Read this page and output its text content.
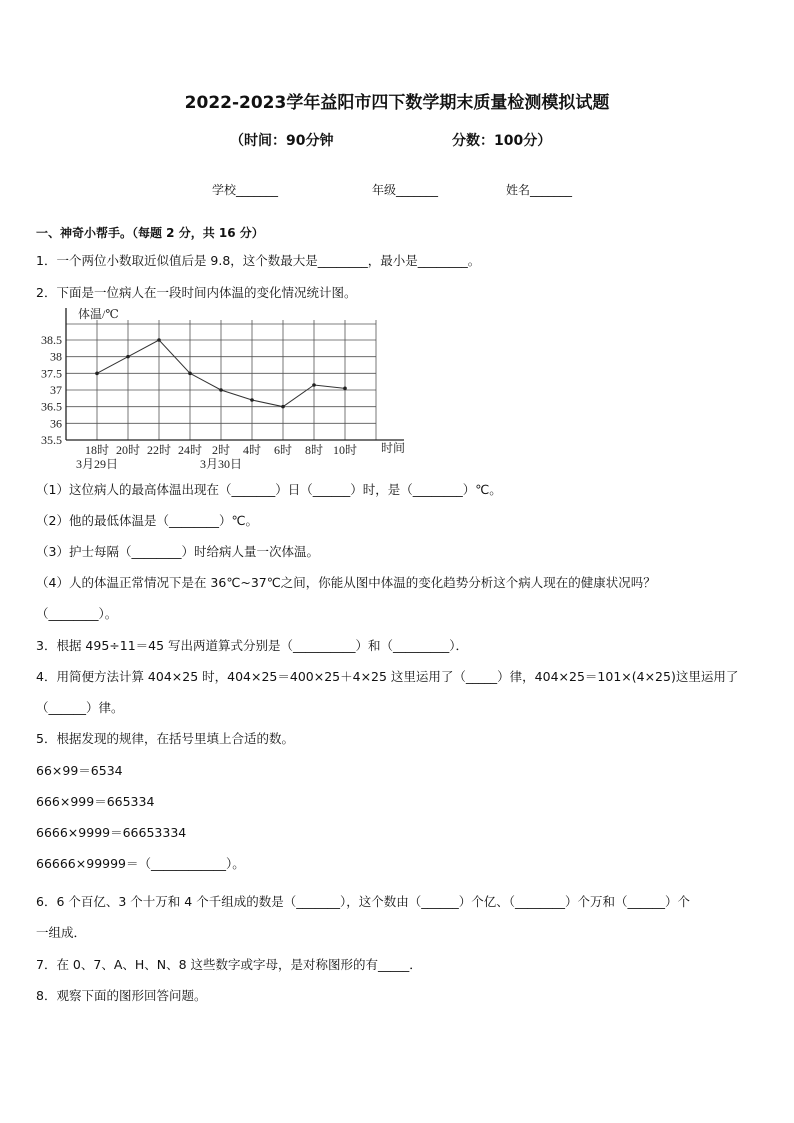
2022-2023学年益阳市四下数学期末质量检测模拟试题
（时间：90分钟	分数：100分）
学校_______	年级_______	姓名_______
一、神奇小帮手。（每题 2 分，共 16 分）
1．一个两位小数取近似值后是 9.8，这个数最大是________，最小是________。
2．下面是一位病人在一段时间内体温的变化情况统计图。
体温/℃
时间
38.5
38
37.5
37
36.5
36
35.5
18时 20时 22时 24时 2时 4时 6时 8时 10时
3月29日	3月30日
（1）这位病人的最高体温出现在（_______）日（______）时，是（________）℃。
（2）他的最低体温是（________）℃。
（3）护士每隔（________）时给病人量一次体温。
（4）人的体温正常情况下是在 36℃~37℃之间，你能从图中体温的变化趋势分析这个病人现在的健康状况吗？
（________）。
3．根据 495÷11＝45 写出两道算式分别是（__________）和（_________）．
4．用简便方法计算 404×25 时，404×25＝400×25＋4×25 这里运用了（_____）律，404×25＝101×(4×25)这里运用了
（______）律。
5．根据发现的规律，在括号里填上合适的数。
66×99＝6534
666×999＝665334
6666×9999＝66653334
66666×99999＝（____________）。
6．6 个百亿、3 个十万和 4 个千组成的数是（_______），这个数由（______）个亿、（________）个万和（______）个
一组成．
7．在 0、7、A、H、N、8 这些数字或字母，是对称图形的有_____．
8．观察下面的图形回答问题。
